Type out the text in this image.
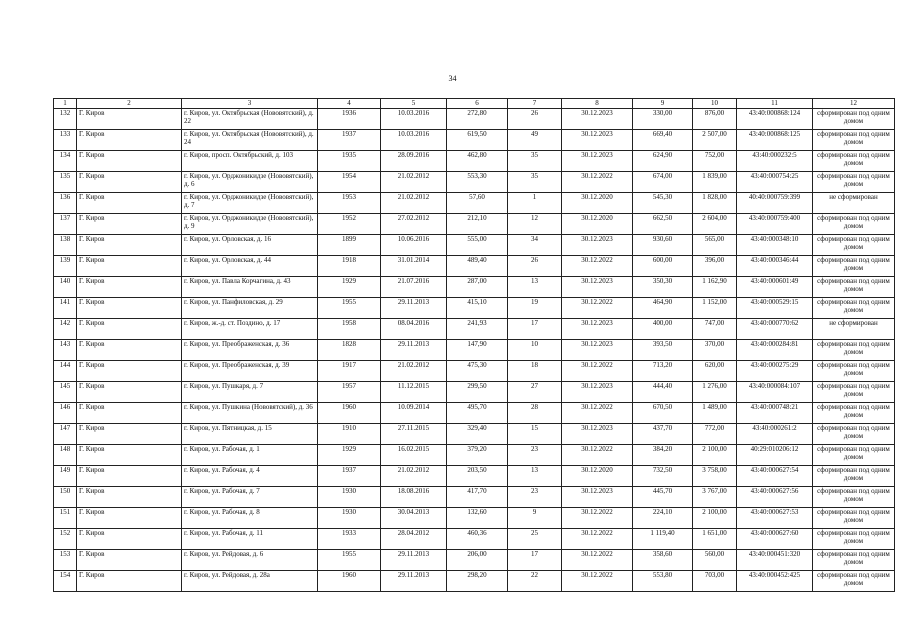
34
1	2	3	4	5	6	7	8	9	10	11	12
132	Г. Киров	г. Киров, ул. Октябрьская (Нововятский), д. 22	1936	10.03.2016	272,80	26	30.12.2023	330,00	876,00	43:40:000868:124	сформирован под одним домом
133	Г. Киров	г. Киров, ул. Октябрьская (Нововятский), д. 24	1937	10.03.2016	619,50	49	30.12.2023	669,40	2 507,00	43:40:000868:125	сформирован под одним домом
134	Г. Киров	г. Киров, просп. Октябрьский, д. 103	1935	28.09.2016	462,80	35	30.12.2023	624,90	752,00	43:40:000232:5	сформирован под одним домом
135	Г. Киров	г. Киров, ул. Орджоникидзе (Нововятский), д. 6	1954	21.02.2012	553,30	35	30.12.2022	674,00	1 839,00	43:40:000754:25	сформирован под одним домом
136	Г. Киров	г. Киров, ул. Орджоникидзе (Нововятский), д. 7	1953	21.02.2012	57,60	1	30.12.2020	545,30	1 828,00	40:40:000759:399	не сформирован
137	Г. Киров	г. Киров, ул. Орджоникидзе (Нововятский), д. 9	1952	27.02.2012	212,10	12	30.12.2020	662,50	2 604,00	43:40:000759:400	сформирован под одним домом
138	Г. Киров	г. Киров, ул. Орловская, д. 16	1899	10.06.2016	555,00	34	30.12.2023	930,60	565,00	43:40:000348:10	сформирован под одним домом
139	Г. Киров	г. Киров, ул. Орловская, д. 44	1918	31.01.2014	489,40	26	30.12.2022	600,00	396,00	43:40:000346:44	сформирован под одним домом
140	Г. Киров	г. Киров, ул. Павла Корчагина, д. 43	1929	21.07.2016	287,00	13	30.12.2023	350,30	1 162,90	43:40:000601:49	сформирован под одним домом
141	Г. Киров	г. Киров, ул. Панфиловская, д. 29	1955	29.11.2013	415,10	19	30.12.2022	464,90	1 152,00	43:40:000529:15	сформирован под одним домом
142	Г. Киров	г. Киров, ж.-д. ст. Поздино, д. 17	1958	08.04.2016	241,93	17	30.12.2023	400,00	747,00	43:40:000770:62	не сформирован
143	Г. Киров	г. Киров, ул. Преображенская, д. 36	1828	29.11.2013	147,90	10	30.12.2023	393,50	370,00	43:40:000284:81	сформирован под одним домом
144	Г. Киров	г. Киров, ул. Преображенская, д. 39	1917	21.02.2012	475,30	18	30.12.2022	713,20	620,00	43:40:000275:29	сформирован под одним домом
145	Г. Киров	г. Киров, ул. Пушкаря, д. 7	1957	11.12.2015	299,50	27	30.12.2023	444,40	1 276,00	43:40:000084:107	сформирован под одним домом
146	Г. Киров	г. Киров, ул. Пушкина (Нововятский), д. 36	1960	10.09.2014	495,70	28	30.12.2022	670,50	1 489,00	43:40:000748:21	сформирован под одним домом
147	Г. Киров	г. Киров, ул. Пятницкая, д. 15	1910	27.11.2015	329,40	15	30.12.2023	437,70	772,00	43:40:000261:2	сформирован под одним домом
148	Г. Киров	г. Киров, ул. Рабочая, д. 1	1929	16.02.2015	379,20	23	30.12.2022	384,20	2 100,00	40:29:010206:12	сформирован под одним домом
149	Г. Киров	г. Киров, ул. Рабочая, д. 4	1937	21.02.2012	203,50	13	30.12.2020	732,50	3 758,00	43:40:000627:54	сформирован под одним домом
150	Г. Киров	г. Киров, ул. Рабочая, д. 7	1930	18.08.2016	417,70	23	30.12.2023	445,70	3 767,00	43:40:000627:56	сформирован под одним домом
151	Г. Киров	г. Киров, ул. Рабочая, д. 8	1930	30.04.2013	132,60	9	30.12.2022	224,10	2 100,00	43:40:000627:53	сформирован под одним домом
152	Г. Киров	г. Киров, ул. Рабочая, д. 11	1933	28.04.2012	460,36	25	30.12.2022	1 119,40	1 651,00	43:40:000627:60	сформирован под одним домом
153	Г. Киров	г. Киров, ул. Рейдовая, д. 6	1955	29.11.2013	206,00	17	30.12.2022	358,60	560,00	43:40:000451:320	сформирован под одним домом
154	Г. Киров	г. Киров, ул. Рейдовая, д. 28а	1960	29.11.2013	298,20	22	30.12.2022	553,80	703,00	43:40:000452:425	сформирован под одним домом
